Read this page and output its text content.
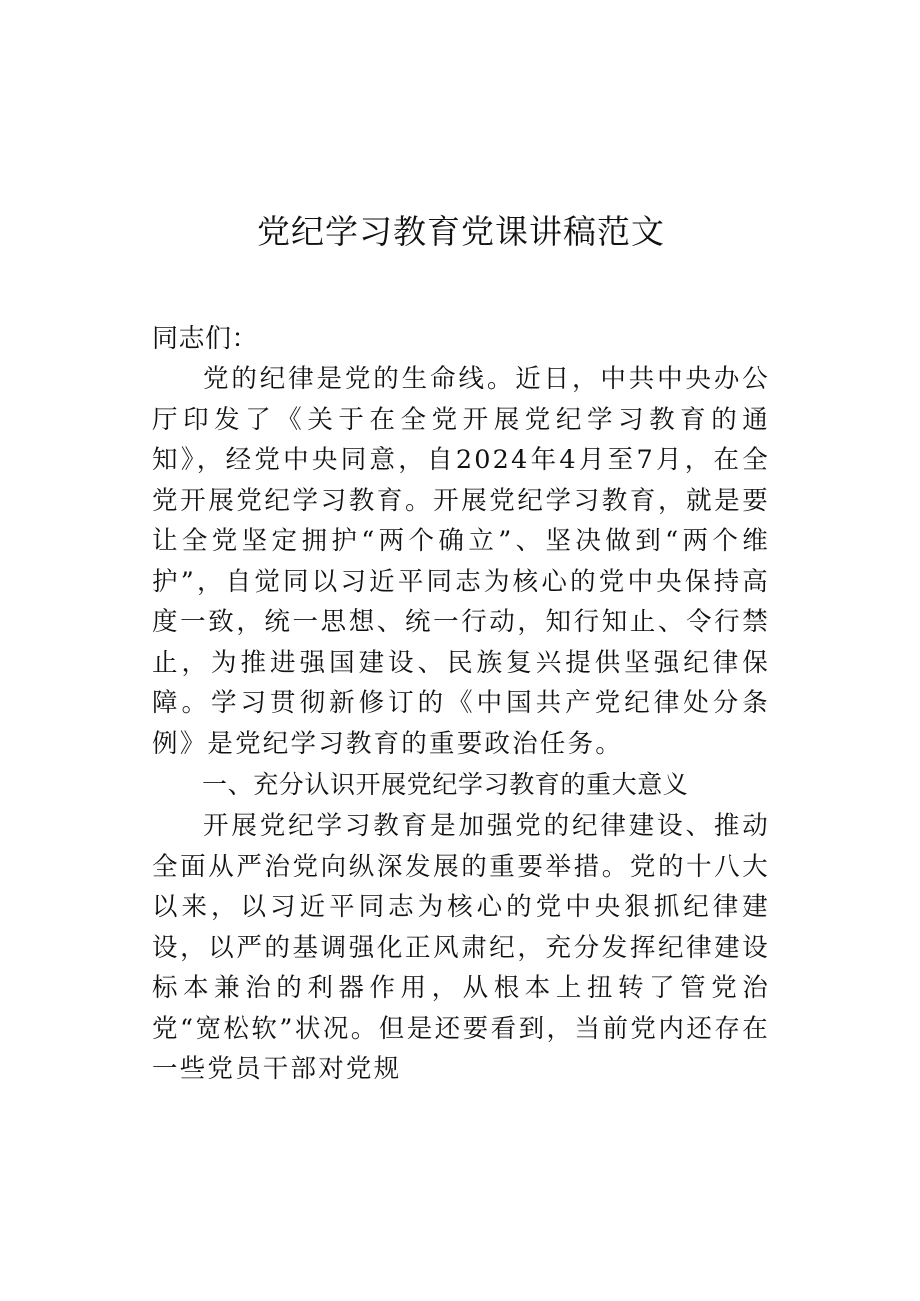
党纪学习教育党课讲稿范文

同志们：

党的纪律是党的生命线。近日，中共中央办公厅印发了《关于在全党开展党纪学习教育的通知》，经党中央同意，自2024年4月至7月，在全党开展党纪学习教育。开展党纪学习教育，就是要让全党坚定拥护“两个确立”、坚决做到“两个维护”，自觉同以习近平同志为核心的党中央保持高度一致，统一思想、统一行动，知行知止、令行禁止，为推进强国建设、民族复兴提供坚强纪律保障。学习贯彻新修订的《中国共产党纪律处分条例》是党纪学习教育的重要政治任务。

一、充分认识开展党纪学习教育的重大意义

开展党纪学习教育是加强党的纪律建设、推动全面从严治党向纵深发展的重要举措。党的十八大以来，以习近平同志为核心的党中央狠抓纪律建设，以严的基调强化正风肃纪，充分发挥纪律建设标本兼治的利器作用，从根本上扭转了管党治党“宽松软”状况。但是还要看到，当前党内还存在一些党员干部对党规
